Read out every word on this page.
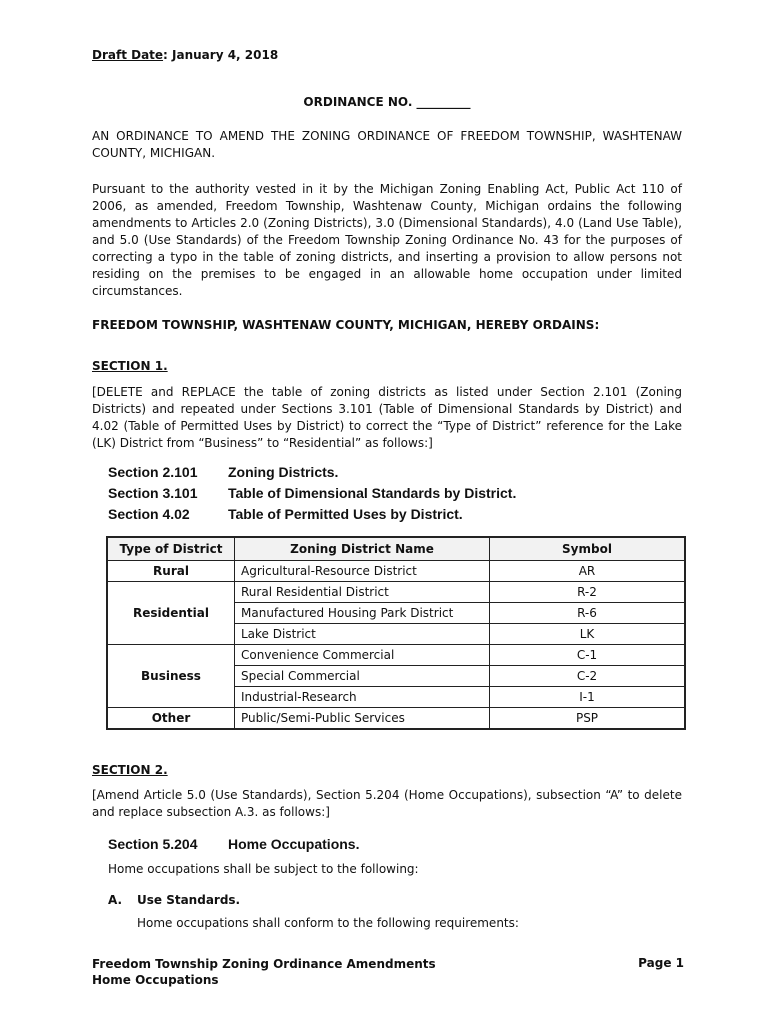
Draft Date: January 4, 2018
ORDINANCE NO. _________
AN ORDINANCE TO AMEND THE ZONING ORDINANCE OF FREEDOM TOWNSHIP, WASHTENAW COUNTY, MICHIGAN.
Pursuant to the authority vested in it by the Michigan Zoning Enabling Act, Public Act 110 of 2006, as amended, Freedom Township, Washtenaw County, Michigan ordains the following amendments to Articles 2.0 (Zoning Districts), 3.0 (Dimensional Standards), 4.0 (Land Use Table), and 5.0 (Use Standards) of the Freedom Township Zoning Ordinance No. 43 for the purposes of correcting a typo in the table of zoning districts, and inserting a provision to allow persons not residing on the premises to be engaged in an allowable home occupation under limited circumstances.
FREEDOM TOWNSHIP, WASHTENAW COUNTY, MICHIGAN, HEREBY ORDAINS:
SECTION 1.
[DELETE and REPLACE the table of zoning districts as listed under Section 2.101 (Zoning Districts) and repeated under Sections 3.101 (Table of Dimensional Standards by District) and 4.02 (Table of Permitted Uses by District) to correct the “Type of District” reference for the Lake (LK) District from “Business” to “Residential” as follows:]
Section 2.101 Zoning Districts.
Section 3.101 Table of Dimensional Standards by District.
Section 4.02	Table of Permitted Uses by District.
Type of District	Zoning District Name	Symbol
Rural	Agricultural-Resource District	AR
Residential	Rural Residential District	R-2
	Manufactured Housing Park District	R-6
	Lake District	LK
Business	Convenience Commercial	C-1
	Special Commercial	C-2
	Industrial-Research	I-1
Other	Public/Semi-Public Services	PSP
SECTION 2.
[Amend Article 5.0 (Use Standards), Section 5.204 (Home Occupations), subsection “A” to delete and replace subsection A.3. as follows:]
Section 5.204 Home Occupations.
Home occupations shall be subject to the following:
A. Use Standards.
Home occupations shall conform to the following requirements:
Freedom Township Zoning Ordinance Amendments
Home Occupations
Page 1
